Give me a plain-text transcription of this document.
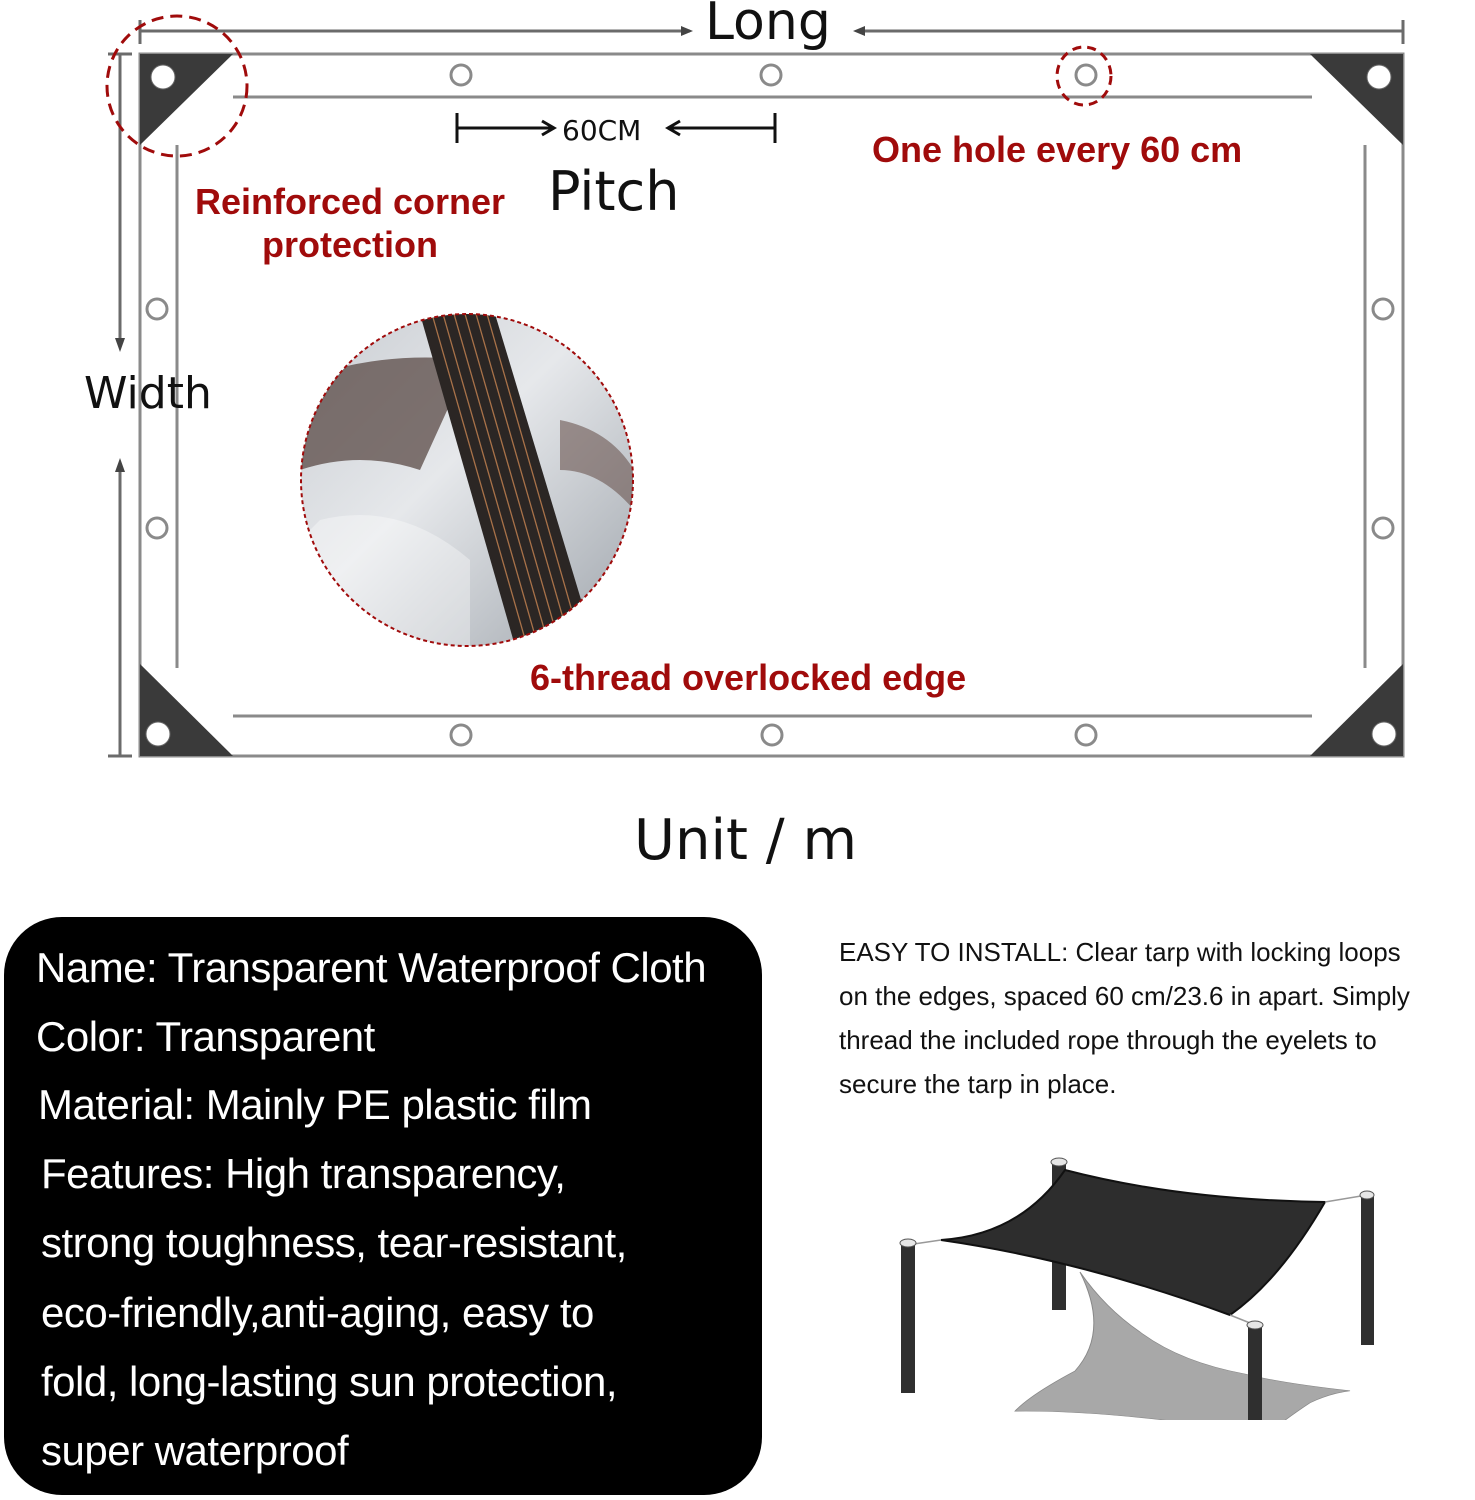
Long
Width
60CM
Pitch
Unit / m
Reinforced corner
protection
One hole every 60 cm
6-thread overlocked edge
Name: Transparent Waterproof Cloth
Color: Transparent
Material: Mainly PE plastic film
Features: High transparency,
strong toughness, tear-resistant,
eco-friendly,anti-aging, easy to
fold, long-lasting sun protection,
super waterproof
EASY TO INSTALL: Clear tarp with locking loops
on the edges, spaced 60 cm/23.6 in apart. Simply
thread the included rope through the eyelets to
secure the tarp in place.
